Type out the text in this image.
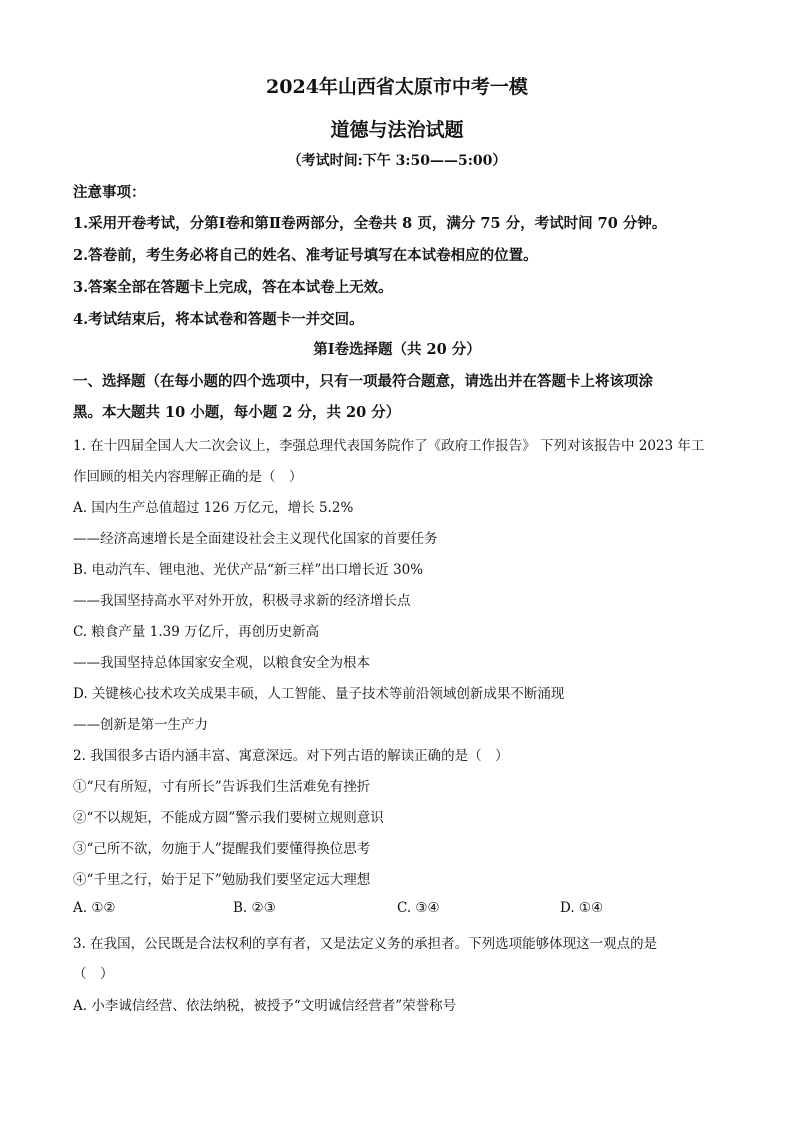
2024年山西省太原市中考一模
道德与法治试题
（考试时间:下午 3:50——5:00）
注意事项：
1.采用开卷考试，分第Ⅰ卷和第Ⅱ卷两部分，全卷共 8 页，满分 75 分，考试时间 70 分钟。
2.答卷前，考生务必将自己的姓名、准考证号填写在本试卷相应的位置。
3.答案全部在答题卡上完成，答在本试卷上无效。
4.考试结束后，将本试卷和答题卡一并交回。
第Ⅰ卷选择题（共 20 分）
一、选择题（在每小题的四个选项中，只有一项最符合题意，请选出并在答题卡上将该项涂
黑。本大题共 10 小题，每小题 2 分，共 20 分）
1. 在十四届全国人大二次会议上，李强总理代表国务院作了《政府工作报告》 下列对该报告中 2023 年工
作回顾的相关内容理解正确的是（　）
A. 国内生产总值超过 126 万亿元，增长 5.2%
——经济高速增长是全面建设社会主义现代化国家的首要任务
B. 电动汽车、锂电池、光伏产品“新三样”出口增长近 30%
——我国坚持高水平对外开放，积极寻求新的经济增长点
C. 粮食产量 1.39 万亿斤，再创历史新高
——我国坚持总体国家安全观，以粮食安全为根本
D. 关键核心技术攻关成果丰硕，人工智能、量子技术等前沿领域创新成果不断涌现
——创新是第一生产力
2. 我国很多古语内涵丰富、寓意深远。对下列古语的解读正确的是（　）
①“尺有所短，寸有所长”告诉我们生活难免有挫折
②“不以规矩，不能成方圆”警示我们要树立规则意识
③“己所不欲，勿施于人”提醒我们要懂得换位思考
④“千里之行，始于足下”勉励我们要坚定远大理想
A. ①②	B. ②③	C. ③④	D. ①④
3. 在我国，公民既是合法权利的享有者，又是法定义务的承担者。下列选项能够体现这一观点的是
（　）
A. 小李诚信经营、依法纳税，被授予“文明诚信经营者”荣誉称号
